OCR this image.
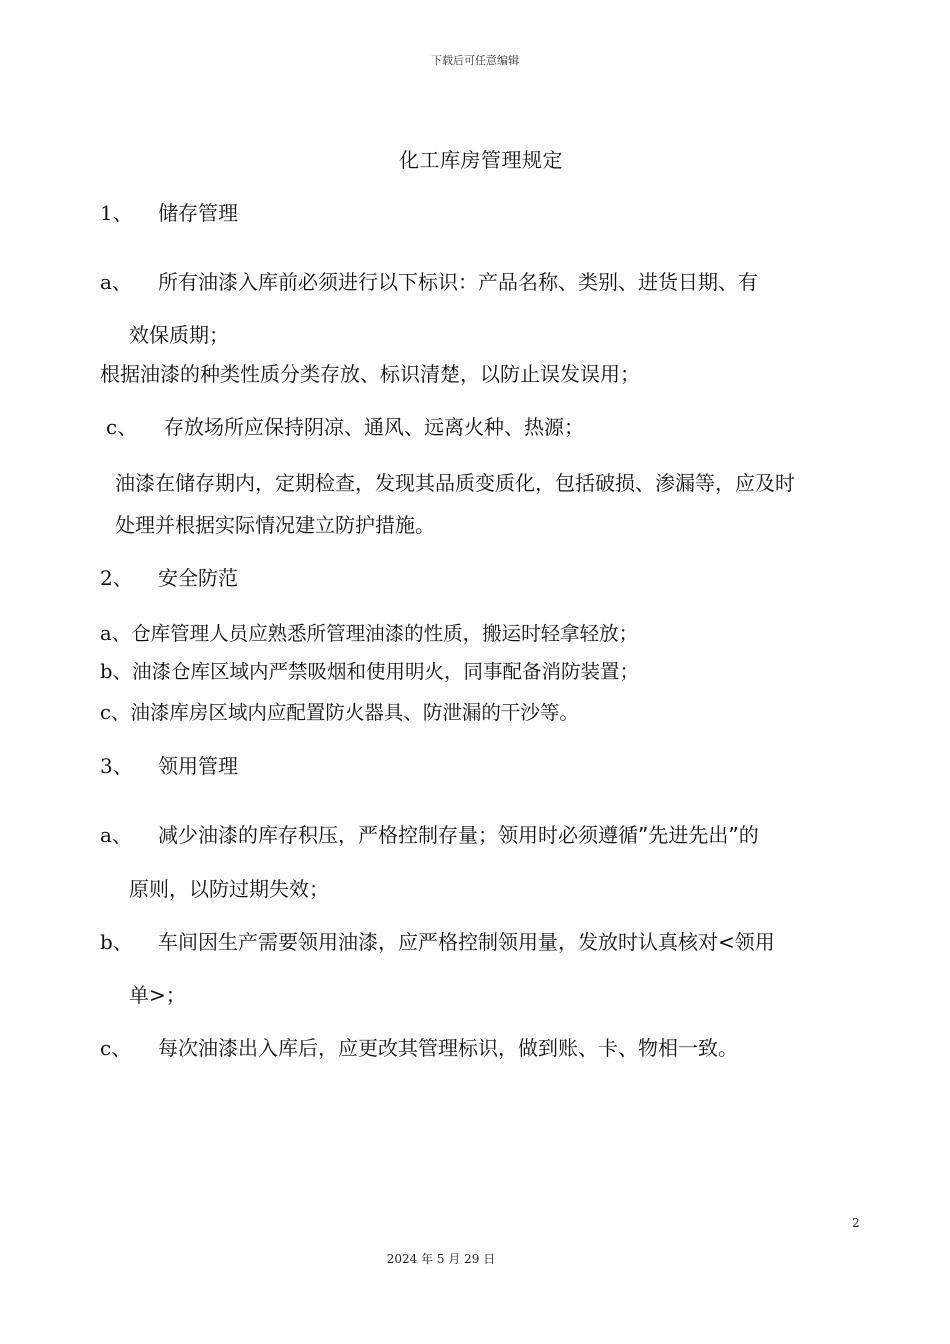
下载后可任意编辑
化工库房管理规定
1、 储存管理
a、 所有油漆入库前必须进行以下标识：产品名称、类别、进货日期、有
效保质期；
根据油漆的种类性质分类存放、标识清楚，以防止误发误用；
c、 存放场所应保持阴凉、通风、远离火种、热源；
油漆在储存期内，定期检查，发现其品质变质化，包括破损、渗漏等，应及时
处理并根据实际情况建立防护措施。
2、 安全防范
a、仓库管理人员应熟悉所管理油漆的性质，搬运时轻拿轻放；
b、油漆仓库区域内严禁吸烟和使用明火，同事配备消防装置；
c、油漆库房区域内应配置防火器具、防泄漏的干沙等。
3、 领用管理
a、 减少油漆的库存积压，严格控制存量；领用时必须遵循”先进先出”的
原则，以防过期失效；
b、 车间因生产需要领用油漆，应严格控制领用量，发放时认真核对<领用
单>；
c、 每次油漆出入库后，应更改其管理标识，做到账、卡、物相一致。
2
2024 年 5 月 29 日
